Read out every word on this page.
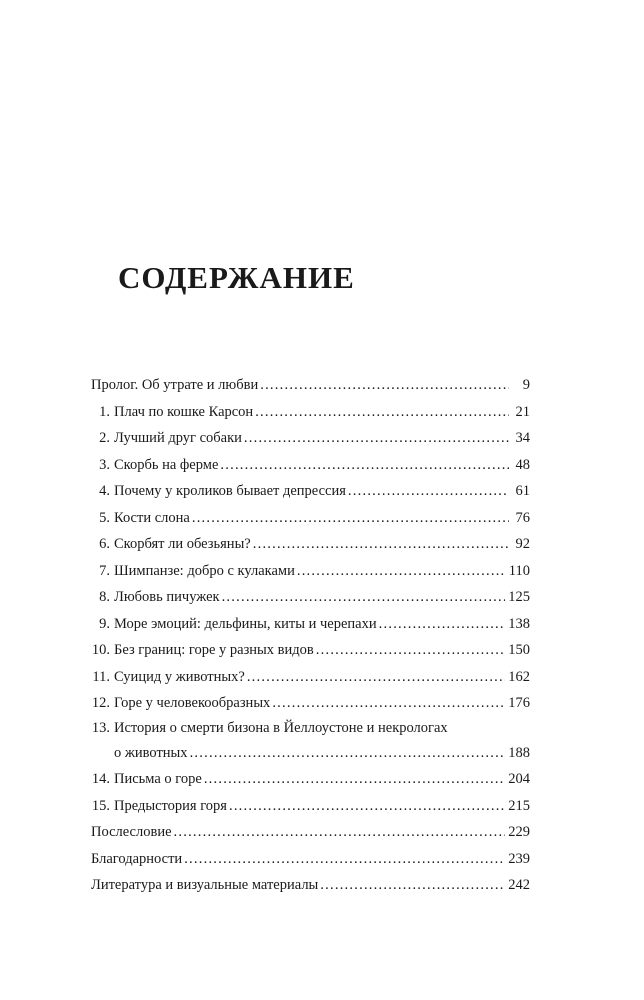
СОДЕРЖАНИЕ
Пролог. Об утрате и любви . . .	9
1. Плач по кошке Карсон . . .	21
2. Лучший друг собаки . . .	34
3. Скорбь на ферме . . .	48
4. Почему у кроликов бывает депрессия . . .	61
5. Кости слона . . .	76
6. Скорбят ли обезьяны? . . .	92
7. Шимпанзе: добро с кулаками . . .	110
8. Любовь пичужек . . .	125
9. Море эмоций: дельфины, киты и черепахи . . .	138
10. Без границ: горе у разных видов . . .	150
11. Суицид у животных? . . .	162
12. Горе у человекообразных . . .	176
13. История о смерти бизона в Йеллоустоне и некрологах
о животных . . .	188
14. Письма о горе . . .	204
15. Предыстория горя . . .	215
Послесловие . . .	229
Благодарности . . .	239
Литература и визуальные материалы . . .	242
